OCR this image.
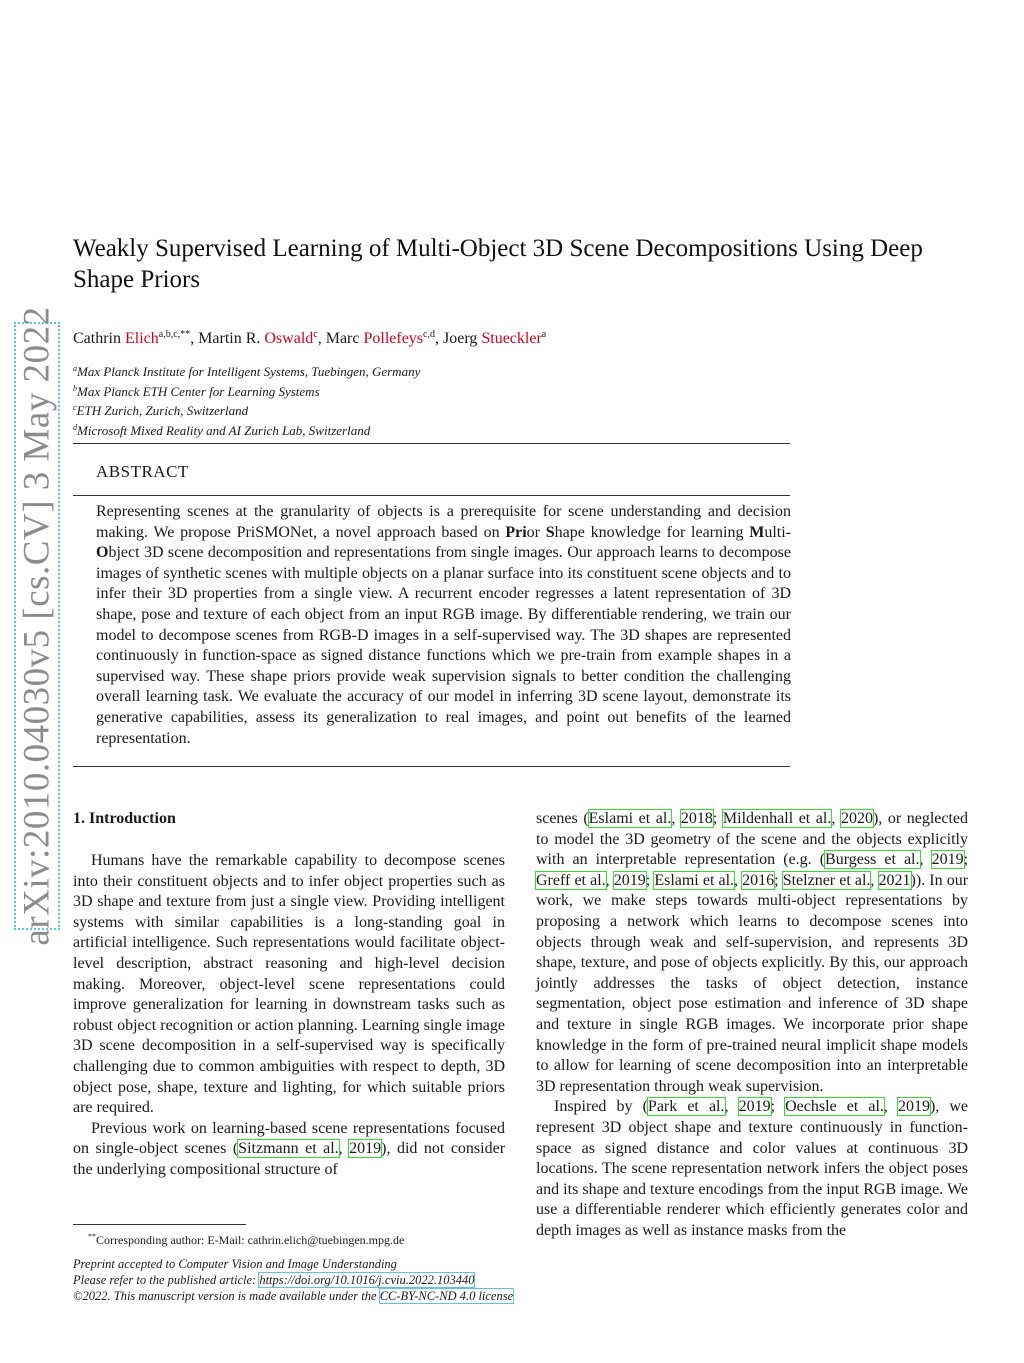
arXiv:2010.04030v5 [cs.CV] 3 May 2022
Weakly Supervised Learning of Multi-Object 3D Scene Decompositions Using Deep Shape Priors
Cathrin Elich$^{a,b,c,**}$, Martin R. Oswald$^c$, Marc Pollefeys$^{c,d}$, Joerg Stueckler$^a$
$^a$Max Planck Institute for Intelligent Systems, Tuebingen, Germany
$^b$Max Planck ETH Center for Learning Systems
$^c$ETH Zurich, Zurich, Switzerland
$^d$Microsoft Mixed Reality and AI Zurich Lab, Switzerland
ABSTRACT
Representing scenes at the granularity of objects is a prerequisite for scene understanding and decision making. We propose PriSMONet, a novel approach based on Prior Shape knowledge for learning Multi-Object 3D scene decomposition and representations from single images. Our approach learns to decompose images of synthetic scenes with multiple objects on a planar surface into its constituent scene objects and to infer their 3D properties from a single view. A recurrent encoder regresses a latent representation of 3D shape, pose and texture of each object from an input RGB image. By differentiable rendering, we train our model to decompose scenes from RGB-D images in a self-supervised way. The 3D shapes are represented continuously in function-space as signed distance functions which we pre-train from example shapes in a supervised way. These shape priors provide weak supervision signals to better condition the challenging overall learning task. We evaluate the accuracy of our model in inferring 3D scene layout, demonstrate its generative capabilities, assess its generalization to real images, and point out benefits of the learned representation.
1. Introduction

Humans have the remarkable capability to decompose scenes into their constituent objects and to infer object properties such as 3D shape and texture from just a single view. Providing intelligent systems with similar capabilities is a long-standing goal in artificial intelligence. Such representations would facilitate object-level description, abstract reasoning and high-level decision making. Moreover, object-level scene representations could improve generalization for learning in downstream tasks such as robust object recognition or action planning. Learning single image 3D scene decomposition in a self-supervised way is specifically challenging due to common ambiguities with respect to depth, 3D object pose, shape, texture and lighting, for which suitable priors are required.

Previous work on learning-based scene representations focused on single-object scenes (Sitzmann et al., 2019), did not consider the underlying compositional structure of

scenes (Eslami et al., 2018; Mildenhall et al., 2020), or neglected to model the 3D geometry of the scene and the objects explicitly with an interpretable representation (e.g. (Burgess et al., 2019; Greff et al., 2019; Eslami et al., 2016; Stelzner et al., 2021)). In our work, we make steps towards multi-object representations by proposing a network which learns to decompose scenes into objects through weak and self-supervision, and represents 3D shape, texture, and pose of objects explicitly. By this, our approach jointly addresses the tasks of object detection, instance segmentation, object pose estimation and inference of 3D shape and texture in single RGB images. We incorporate prior shape knowledge in the form of pre-trained neural implicit shape models to allow for learning of scene decomposition into an interpretable 3D representation through weak supervision.

Inspired by (Park et al., 2019; Oechsle et al., 2019), we represent 3D object shape and texture continuously in function-space as signed distance and color values at continuous 3D locations. The scene representation network infers the object poses and its shape and texture encodings from the input RGB image. We use a differentiable renderer which efficiently generates color and depth images as well as instance masks from the

**Corresponding author: E-Mail: cathrin.elich@tuebingen.mpg.de
Preprint accepted to Computer Vision and Image Understanding
Please refer to the published article: https://doi.org/10.1016/j.cviu.2022.103440
©2022. This manuscript version is made available under the CC-BY-NC-ND 4.0 license
